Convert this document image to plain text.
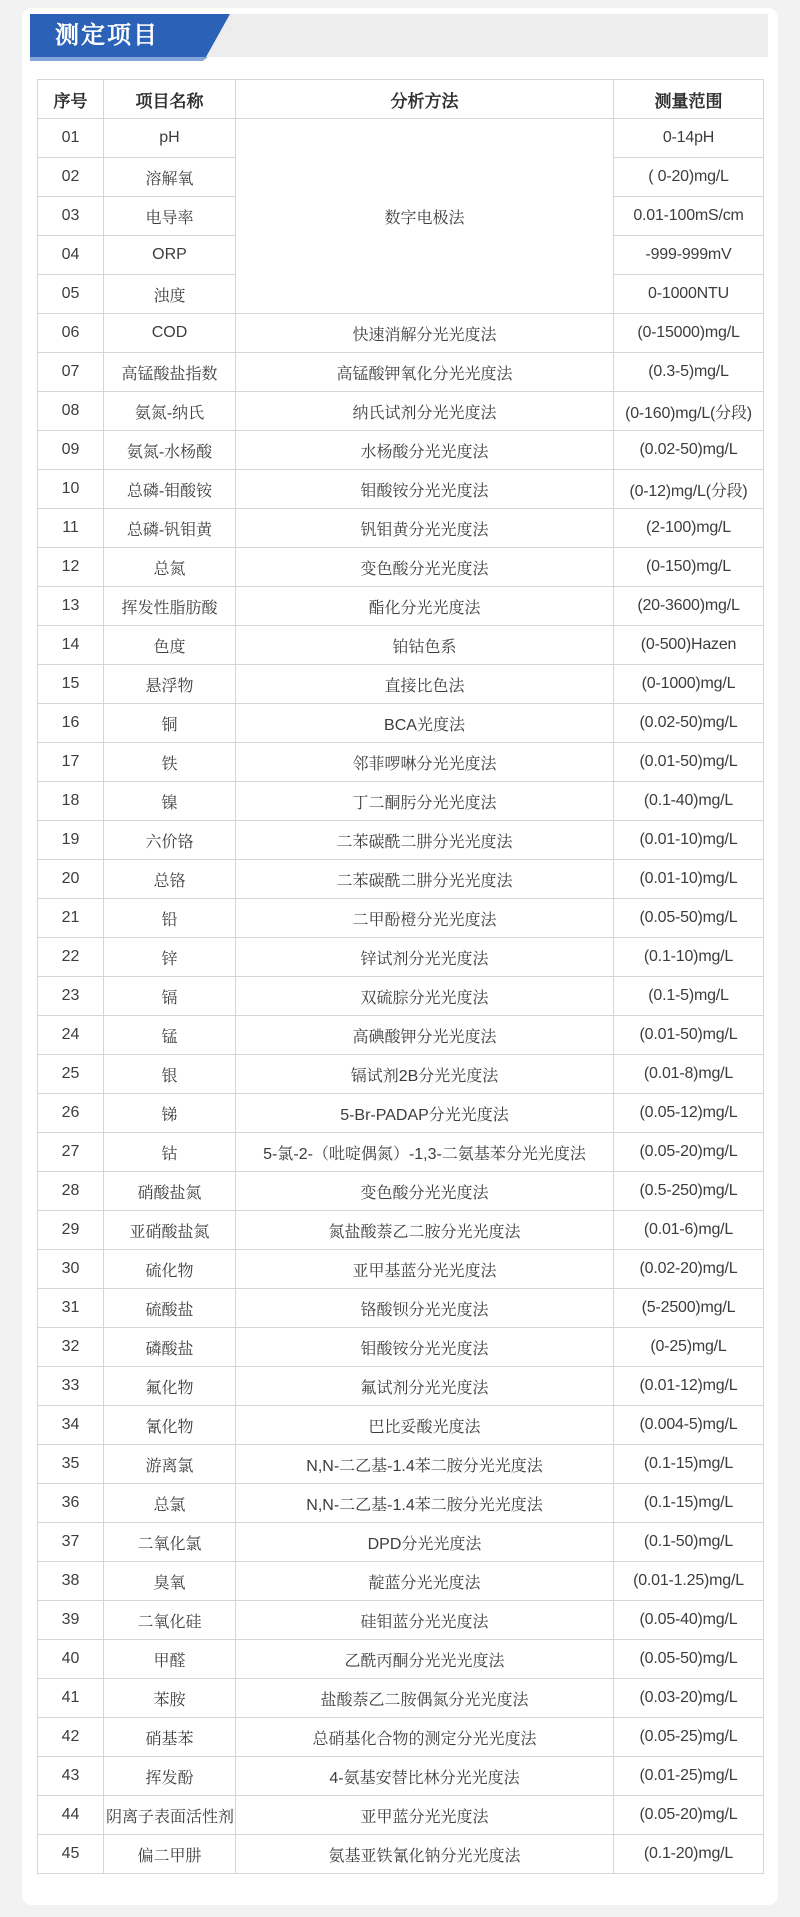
测定项目
序号	项目名称	分析方法	测量范围
01	pH	数字电极法	0-14pH
02	溶解氧		( 0-20)mg/L
03	电导率		0.01-100mS/cm
04	ORP		-999-999mV
05	浊度		0-1000NTU
06	COD	快速消解分光光度法	(0-15000)mg/L
07	高锰酸盐指数	高锰酸钾氧化分光光度法	(0.3-5)mg/L
08	氨氮-纳氏	纳氏试剂分光光度法	(0-160)mg/L(分段)
09	氨氮-水杨酸	水杨酸分光光度法	(0.02-50)mg/L
10	总磷-钼酸铵	钼酸铵分光光度法	(0-12)mg/L(分段)
11	总磷-钒钼黄	钒钼黄分光光度法	(2-100)mg/L
12	总氮	变色酸分光光度法	(0-150)mg/L
13	挥发性脂肪酸	酯化分光光度法	(20-3600)mg/L
14	色度	铂钴色系	(0-500)Hazen
15	悬浮物	直接比色法	(0-1000)mg/L
16	铜	BCA光度法	(0.02-50)mg/L
17	铁	邻菲啰啉分光光度法	(0.01-50)mg/L
18	镍	丁二酮肟分光光度法	(0.1-40)mg/L
19	六价铬	二苯碳酰二肼分光光度法	(0.01-10)mg/L
20	总铬	二苯碳酰二肼分光光度法	(0.01-10)mg/L
21	铅	二甲酚橙分光光度法	(0.05-50)mg/L
22	锌	锌试剂分光光度法	(0.1-10)mg/L
23	镉	双硫腙分光光度法	(0.1-5)mg/L
24	锰	高碘酸钾分光光度法	(0.01-50)mg/L
25	银	镉试剂2B分光光度法	(0.01-8)mg/L
26	锑	5-Br-PADAP分光光度法	(0.05-12)mg/L
27	钴	5-氯-2-（吡啶偶氮）-1,3-二氨基苯分光光度法	(0.05-20)mg/L
28	硝酸盐氮	变色酸分光光度法	(0.5-250)mg/L
29	亚硝酸盐氮	氮盐酸萘乙二胺分光光度法	(0.01-6)mg/L
30	硫化物	亚甲基蓝分光光度法	(0.02-20)mg/L
31	硫酸盐	铬酸钡分光光度法	(5-2500)mg/L
32	磷酸盐	钼酸铵分光光度法	(0-25)mg/L
33	氟化物	氟试剂分光光度法	(0.01-12)mg/L
34	氰化物	巴比妥酸光度法	(0.004-5)mg/L
35	游离氯	N,N-二乙基-1.4苯二胺分光光度法	(0.1-15)mg/L
36	总氯	N,N-二乙基-1.4苯二胺分光光度法	(0.1-15)mg/L
37	二氧化氯	DPD分光光度法	(0.1-50)mg/L
38	臭氧	靛蓝分光光度法	(0.01-1.25)mg/L
39	二氧化硅	硅钼蓝分光光度法	(0.05-40)mg/L
40	甲醛	乙酰丙酮分光光光度法	(0.05-50)mg/L
41	苯胺	盐酸萘乙二胺偶氮分光光度法	(0.03-20)mg/L
42	硝基苯	总硝基化合物的测定分光光度法	(0.05-25)mg/L
43	挥发酚	4-氨基安替比林分光光度法	(0.01-25)mg/L
44	阴离子表面活性剂	亚甲蓝分光光度法	(0.05-20)mg/L
45	偏二甲肼	氨基亚铁氰化钠分光光度法	(0.1-20)mg/L
